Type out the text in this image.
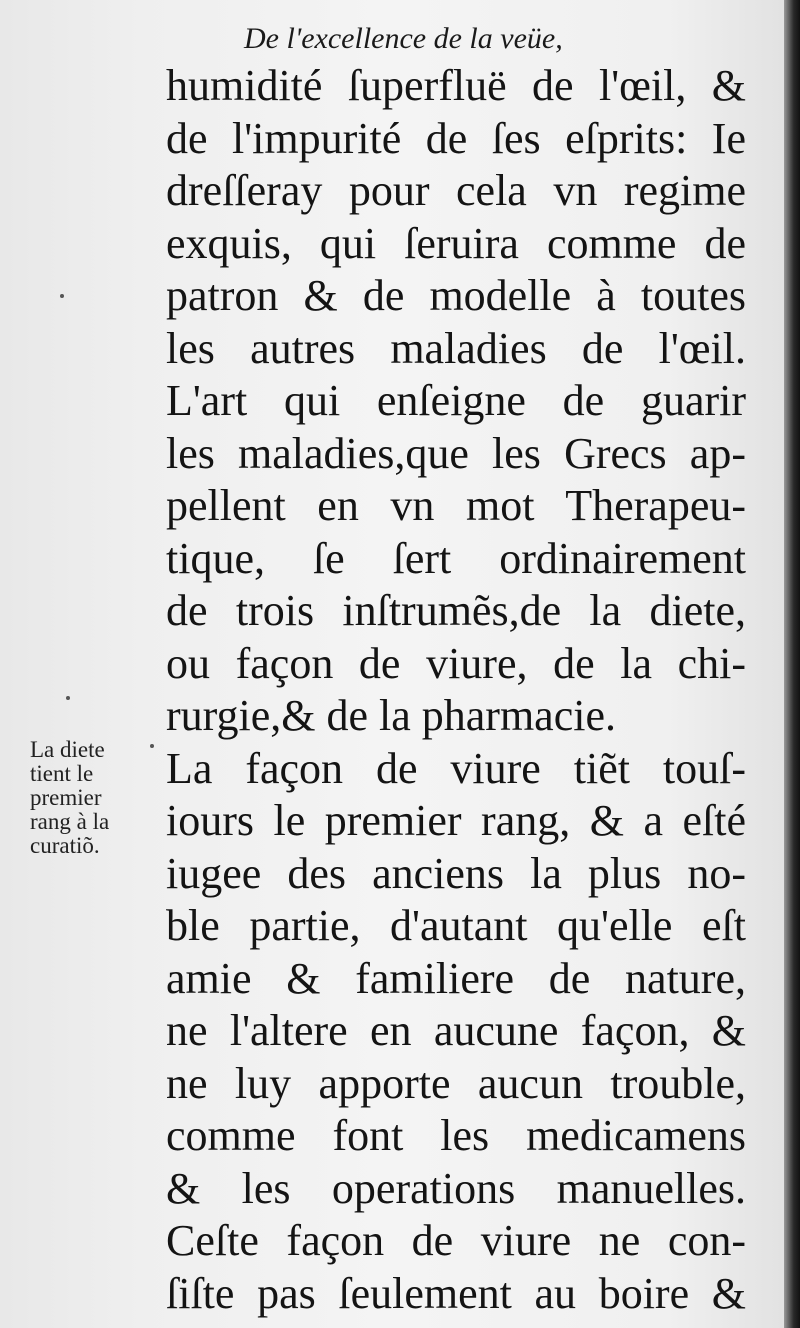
De l'excellence de la veüe,
humidité ſuperfluë de l'œil, &
de l'impurité de ſes eſprits: Ie
dreſſeray pour cela vn regime
exquis, qui ſeruira comme de
patron & de modelle à toutes
les autres maladies de l'œil.
L'art qui enſeigne de guarir
les maladies,que les Grecs ap-
pellent en vn mot Therapeu-
tique, ſe ſert ordinairement
de trois inſtrumẽs,de la diete,
ou façon de viure, de la chi-
rurgie,& de la pharmacie.
La façon de viure tiẽt touſ-
iours le premier rang, & a eſté
iugee des anciens la plus no-
ble partie, d'autant qu'elle eſt
amie & familiere de nature,
ne l'altere en aucune façon, &
ne luy apporte aucun trouble,
comme font les medicamens
& les operations manuelles.
Ceſte façon de viure ne con-
ſiſte pas ſeulement au boire &
La diete
tient le
premier
rang à la
curatiõ.
